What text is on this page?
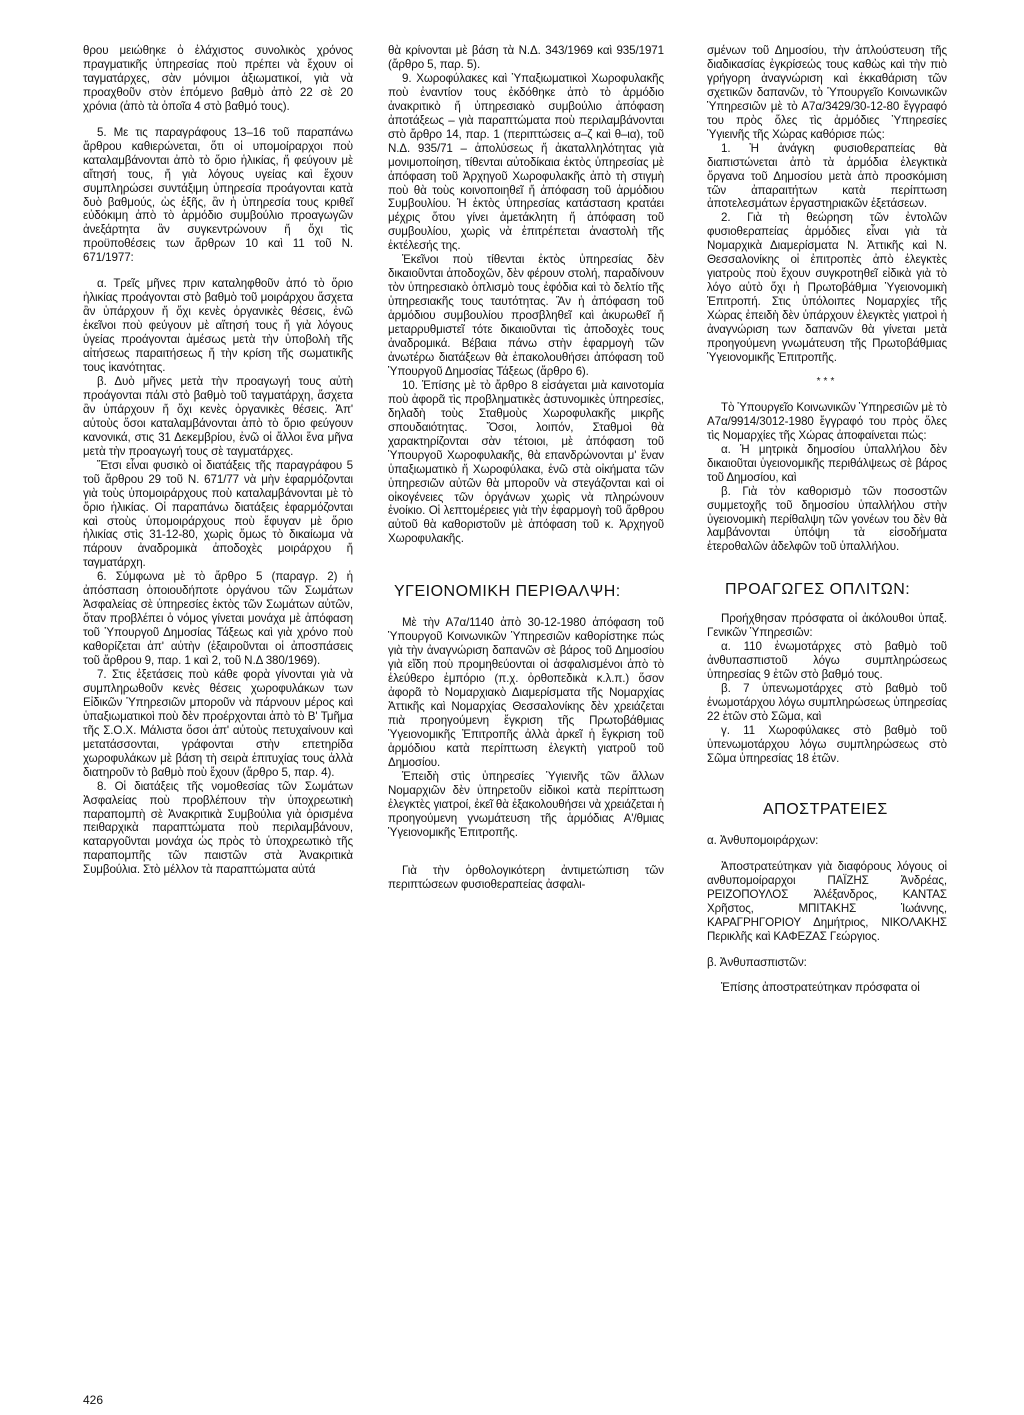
θρου μειώθηκε ὁ ἐλάχιστος συνολικὸς χρόνος πραγματικῆς ὑπηρεσίας ποὺ πρέπει νὰ ἔχουν οἱ ταγματάρχες, σὰν μόνιμοι ἀξιωματικοί, γιὰ νὰ προαχθοῦν στὸν ἑπόμενο βαθμὸ ἀπὸ 22 σὲ 20 χρόνια (ἀπὸ τὰ ὁποῖα 4 στὸ βαθμό τους).

5. Με τις παραγράφους 13–16 τοῦ παραπάνω ἄρθρου καθιερώνεται, ὅτι οἱ υπομοίραρχοι ποὺ καταλαμβάνονται ἀπὸ τὸ ὅριο ἡλικίας, ἤ φεύγουν μὲ αἴτησή τους, ἤ γιὰ λόγους υγείας καὶ ἔχουν συμπληρώσει συντάξιμη ὑπηρεσία προάγονται κατὰ δυὸ βαθμούς, ὡς ἑξῆς, ἂν ἡ ὑπηρεσία τους κριθεῖ εὐδόκιμη ἀπὸ τὸ ἁρμόδιο συμβούλιο προαγωγῶν ἀνεξάρτητα ἂν συγκεντρώνουν ἤ ὄχι τὶς προϋποθέσεις των ἄρθρων 10 καὶ 11 τοῦ Ν. 671/1977:

α. Τρεῖς μῆνες πριν καταληφθοῦν ἀπό τὸ ὅριο ἡλικίας προάγονται στὸ βαθμὸ τοῦ μοιράρχου ἄσχετα ἂν ὑπάρχουν ἤ ὄχι κενὲς ὀργανικὲς θέσεις, ἐνῶ ἐκεῖνοι ποὺ φεύγουν μὲ αἴτησή τους ἤ γιὰ λόγους ὑγείας προάγονται ἀμέσως μετὰ τὴν ὑποβολὴ τῆς αἰτήσεως παραιτήσεως ἤ τὴν κρίση τῆς σωματικῆς τους ἱκανότητας.

β. Δυὸ μῆνες μετὰ τὴν προαγωγή τους αὐτὴ προάγονται πάλι στὸ βαθμὸ τοῦ ταγματάρχη, ἄσχετα ἂν ὑπάρχουν ἤ ὄχι κενὲς ὀργανικὲς θέσεις. Ἀπ' αὐτοὺς ὅσοι καταλαμβάνονται ἀπὸ τὸ ὅριο φεύγουν κανονικά, στις 31 Δεκεμβρίου, ἐνῶ οἱ ἄλλοι ἕνα μῆνα μετὰ τὴν προαγωγή τους σὲ ταγματάρχες.

Ἔτσι εἶναι φυσικὸ οἱ διατάξεις τῆς παραγράφου 5 τοῦ ἄρθρου 29 τοῦ Ν. 671/77 νὰ μὴν ἐφαρμόζονται γιὰ τοὺς ὑπομοιράρχους ποὺ καταλαμβάνονται μὲ τὸ ὅριο ἡλικίας. Οἱ παραπάνω διατάξεις ἐφαρμόζονται καὶ στοὺς ὑπομοιράρχους ποὺ ἔφυγαν μὲ ὅριο ἡλικίας στὶς 31-12-80, χωρὶς ὅμως τὸ δικαίωμα νὰ πάρουν ἀναδρομικὰ ἀποδοχὲς μοιράρχου ἤ ταγματάρχη.

6. Σύμφωνα μὲ τὸ ἄρθρο 5 (παραγρ. 2) ἡ ἀπόσπαση ὁποιουδήποτε ὀργάνου τῶν Σωμάτων Ἀσφαλείας σὲ ὑπηρεσίες ἐκτὸς τῶν Σωμάτων αὐτῶν, ὅταν προβλέπει ὁ νόμος γίνεται μονάχα μὲ ἀπόφαση τοῦ Ὑπουργοῦ Δημοσίας Τάξεως καὶ γιὰ χρόνο ποὺ καθορίζεται ἀπ' αὐτὴν (ἐξαιροῦνται οἱ ἀποσπάσεις τοῦ ἄρθρου 9, παρ. 1 καὶ 2, τοῦ Ν.Δ 380/1969).

7. Στις ἐξετάσεις ποὺ κάθε φορὰ γίνονται γιὰ νὰ συμπληρωθοῦν κενὲς θέσεις χωροφυλάκων των Εἰδικῶν Ὑπηρεσιῶν μποροῦν νὰ πάρνουν μέρος καὶ ὑπαξιωματικοὶ ποὺ δὲν προέρχονται ἀπὸ τὸ Β' Τμῆμα τῆς Σ.Ο.Χ. Μάλιστα ὅσοι ἀπ' αὐτοὺς πετυχαίνουν καὶ μετατάσσονται, γράφονται στὴν επετηρίδα χωροφυλάκων μὲ βάση τὴ σειρὰ ἐπιτυχίας τους ἀλλὰ διατηροῦν τὸ βαθμὸ ποὺ ἔχουν (ἄρθρο 5, παρ. 4).

8. Οἱ διατάξεις τῆς νομοθεσίας τῶν Σωμάτων Ἀσφαλείας ποὺ προβλέπουν τὴν ὑποχρεωτικὴ παραπομπὴ σὲ Ἀνακριτικὰ Συμβούλια γιὰ ὁρισμένα πειθαρχικὰ παραπτώματα ποὺ περιλαμβάνουν, καταργοῦνται μονάχα ὡς πρὸς τὸ ὑποχρεωτικὸ τῆς παραπομπῆς τῶν παιστῶν στὰ Ἀνακριτικὰ Συμβούλια. Στὸ μέλλον τὰ παραπτώματα αὐτά

θὰ κρίνονται μὲ βάση τὰ Ν.Δ. 343/1969 καὶ 935/1971 (ἄρθρο 5, παρ. 5).

9. Χωροφύλακες καὶ Ὑπαξιωματικοὶ Χωροφυλακῆς ποὺ ἐναντίον τους ἐκδόθηκε ἀπὸ τὸ ἁρμόδιο ἀνακριτικὸ ἤ ὑπηρεσιακὸ συμβούλιο ἀπόφαση ἀποτάξεως – γιὰ παραπτώματα ποὺ περιλαμβάνονται στὸ ἄρθρο 14, παρ. 1 (περιπτώσεις α–ζ καὶ θ–ια), τοῦ Ν.Δ. 935/71 – ἀπολύσεως ἤ ἀκαταλληλότητας γιὰ μονιμοποίηση, τίθενται αὐτοδίκαια ἐκτὸς ὑπηρεσίας μὲ ἀπόφαση τοῦ Ἀρχηγοῦ Χωροφυλακῆς ἀπὸ τὴ στιγμὴ ποὺ θὰ τοὺς κοινοποιηθεῖ ἤ ἀπόφαση τοῦ ἁρμόδιου Συμβουλίου. Ἡ ἐκτὸς ὑπηρεσίας κατάσταση κρατάει μέχρις ὅτου γίνει ἀμετάκλητη ἤ ἀπόφαση τοῦ συμβουλίου, χωρὶς νὰ ἐπιτρέπεται ἀναστολὴ τῆς ἐκτέλεσής της.

Ἐκεῖνοι ποὺ τίθενται ἐκτὸς ὑπηρεσίας δὲν δικαιοῦνται ἀποδοχῶν, δὲν φέρουν στολή, παραδίνουν τὸν ὑπηρεσιακὸ ὁπλισμὸ τους ἐφόδια καὶ τὸ δελτίο τῆς ὑπηρεσιακῆς τους ταυτότητας. Ἂν ἡ ἀπόφαση τοῦ ἁρμόδιου συμβουλίου προσβληθεῖ καὶ ἀκυρωθεῖ ἤ μεταρρυθμιστεῖ τότε δικαιοῦνται τὶς ἀποδοχὲς τους ἀναδρομικά. Βέβαια πάνω στὴν ἐφαρμογὴ τῶν ἀνωτέρω διατάξεων θὰ ἐπακολουθήσει ἀπόφαση τοῦ Ὑπουργοῦ Δημοσίας Τάξεως (ἄρθρο 6).

10. Ἐπίσης μὲ τὸ ἄρθρο 8 εἰσάγεται μιὰ καινοτομία ποὺ ἀφορᾶ τὶς προβληματικὲς ἀστυνομικὲς ὑπηρεσίες, δηλαδὴ τοὺς Σταθμοὺς Χωροφυλακῆς μικρῆς σπουδαιότητας. Ὅσοι, λοιπόν, Σταθμοὶ θὰ χαρακτηρίζονται σὰν τέτοιοι, μὲ ἀπόφαση τοῦ Ὑπουργοῦ Χωροφυλακῆς, θὰ επανδρώνονται μ' ἕναν ὑπαξιωματικὸ ἤ Χωροφύλακα, ἐνῶ στὰ οἰκήματα τῶν ὑπηρεσιῶν αὐτῶν θὰ μποροῦν νὰ στεγάζονται καὶ οἱ οἰκογένειες τῶν ὀργάνων χωρὶς νὰ πληρώνουν ἐνοίκιο. Οἱ λεπτομέρειες γιὰ τὴν ἐφαρμογὴ τοῦ ἄρθρου αὐτοῦ θὰ καθοριστοῦν μὲ ἀπόφαση τοῦ κ. Ἀρχηγοῦ Χωροφυλακῆς.

ΥΓΕΙΟΝΟΜΙΚΗ ΠΕΡΙΘΑΛΨΗ:

Μὲ τὴν Α7α/1140 ἀπὸ 30-12-1980 ἀπόφαση τοῦ Ὑπουργοῦ Κοινωνικῶν Ὑπηρεσιῶν καθορίστηκε πώς γιὰ τὴν ἀναγνώριση δαπανῶν σὲ βάρος τοῦ Δημοσίου γιὰ εἴδη ποὺ προμηθεύονται οἱ ἀσφαλισμένοι ἀπὸ τὸ ἐλεύθερο ἐμπόριο (π.χ. ὀρθοπεδικὰ κ.λ.π.) ὅσον ἀφορᾶ τὸ Νομαρχιακὸ Διαμερίσματα τῆς Νομαρχίας Ἀττικῆς καὶ Νομαρχίας Θεσσαλονίκης δὲν χρειάζεται πιὰ προηγούμενη ἔγκριση τῆς Πρωτοβάθμιας Ὑγειονομικῆς Ἐπιτροπῆς ἀλλὰ ἀρκεῖ ἡ ἔγκριση τοῦ ἁρμόδιου κατὰ περίπτωση ἐλεγκτὴ γιατροῦ τοῦ Δημοσίου.

Ἐπειδὴ στὶς ὑπηρεσίες Ὑγιεινῆς τῶν ἄλλων Νομαρχιῶν δὲν ὑπηρετοῦν εἰδικοὶ κατὰ περίπτωση ἐλεγκτὲς γιατροί, ἐκεῖ θὰ ἐξακολουθήσει νὰ χρειάζεται ἡ προηγούμενη γνωμάτευση τῆς ἁρμόδιας Α'/θμιας Ὑγειονομικῆς Ἐπιτροπῆς.

Γιὰ τὴν ὀρθολογικότερη ἀντιμετώπιση τῶν περιπτώσεων φυσιοθεραπείας ἀσφαλι-

σμένων τοῦ Δημοσίου, τὴν ἀπλούστευση τῆς διαδικασίας ἐγκρίσεώς τους καθὼς καὶ τὴν πιὸ γρήγορη ἀναγνώριση καὶ ἐκκαθάριση τῶν σχετικῶν δαπανῶν, τὸ Ὑπουργεῖο Κοινωνικῶν Ὑπηρεσιῶν μὲ τὸ Α7α/3429/30-12-80 ἔγγραφό του πρὸς ὅλες τὶς ἁρμόδιες Ὑπηρεσίες Ὑγιεινῆς τῆς Χώρας καθόρισε πώς:

1. Ἡ ἀνάγκη φυσιοθεραπείας θὰ διαπιστώνεται ἀπὸ τὰ ἁρμόδια ἐλεγκτικὰ ὄργανα τοῦ Δημοσίου μετὰ ἀπὸ προσκόμιση τῶν ἀπαραιτήτων κατὰ περίπτωση ἀποτελεσμάτων ἐργαστηριακῶν ἐξετάσεων.

2. Γιὰ τὴ θεώρηση τῶν ἐντολῶν φυσιοθεραπείας ἁρμόδιες εἶναι γιὰ τὰ Νομαρχικὰ Διαμερίσματα Ν. Ἀττικῆς καὶ Ν. Θεσσαλονίκης οἱ ἐπιτροπὲς ἀπὸ ἐλεγκτὲς γιατροὺς ποὺ ἔχουν συγκροτηθεῖ εἰδικὰ γιὰ τὸ λόγο αὐτὸ ὄχι ἡ Πρωτοβάθμια Ὑγειονομικὴ Ἐπιτροπή. Στις ὑπόλοιπες Νομαρχίες τῆς Χώρας ἐπειδὴ δὲν ὑπάρχουν ἐλεγκτὲς γιατροὶ ἡ ἀναγνώριση των δαπανῶν θὰ γίνεται μετὰ προηγούμενη γνωμάτευση τῆς Πρωτοβάθμιας Ὑγειονομικῆς Ἐπιτροπῆς.

***

Τὸ Ὑπουργεῖο Κοινωνικῶν Ὑπηρεσιῶν μὲ τὸ Α7α/9914/3012-1980 ἔγγραφό του πρὸς ὅλες τὶς Νομαρχίες τῆς Χώρας ἀποφαίνεται πώς:

α. Ἡ μητρικὰ δημοσίου ὑπαλλήλου δὲν δικαιοῦται ὑγειονομικῆς περιθάλψεως σὲ βάρος τοῦ Δημοσίου, καὶ

β. Γιὰ τὸν καθορισμὸ τῶν ποσοστῶν συμμετοχῆς τοῦ δημοσίου ὑπαλλήλου στὴν ὑγειονομικὴ περίθαλψη τῶν γονέων του δὲν θὰ λαμβάνονται ὑπόψη τὰ εἰσοδήματα ἑτεροθαλῶν ἀδελφῶν τοῦ ὑπαλλήλου.

ΠΡΟΑΓΩΓΕΣ ΟΠΛΙΤΩΝ:

Προήχθησαν πρόσφατα οἱ ἀκόλουθοι ὑπαξ. Γενικῶν Ὑπηρεσιῶν:

α. 110 ἐνωμοτάρχες στὸ βαθμὸ τοῦ ἀνθυπασπιστοῦ λόγω συμπληρώσεως ὑπηρεσίας 9 ἐτῶν στὸ βαθμό τους.

β. 7 ὑπενωμοτάρχες στὸ βαθμὸ τοῦ ἐνωμοτάρχου λόγω συμπληρώσεως ὑπηρεσίας 22 ἐτῶν στὸ Σῶμα, καὶ

γ. 11 Χωροφύλακες στὸ βαθμὸ τοῦ ὑπενωμοτάρχου λόγω συμπληρώσεως στὸ Σῶμα ὑπηρεσίας 18 ἐτῶν.

ΑΠΟΣΤΡΑΤΕΙΕΣ

α. Ἀνθυπομοιράρχων:

Ἀποστρατεύτηκαν γιὰ διαφόρους λόγους οἱ ανθυπομοίραρχοι ΠΑΪΖΗΣ Ἀνδρέας, ΡΕΙΖΟΠΟΥΛΟΣ Ἀλέξανδρος, ΚΑΝΤΑΣ Χρῆστος, ΜΠΙΤΑΚΗΣ Ἰωάννης, ΚΑΡΑΓΡΗΓΟΡΙΟΥ Δημήτριος, ΝΙΚΟΛΑΚΗΣ Περικλῆς καὶ ΚΑΦΕΖΑΣ Γεώργιος.

β. Ἀνθυπασπιστῶν:

Ἐπίσης ἀποστρατεύτηκαν πρόσφατα οἱ

426
